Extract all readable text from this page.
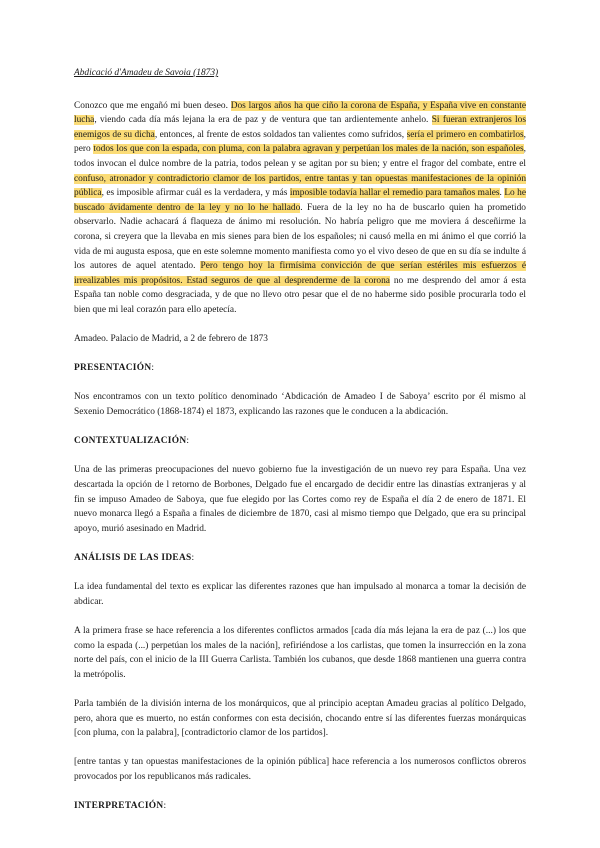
Abdicació d'Amadeu de Savoia (1873)

Conozco que me engañó mi buen deseo. Dos largos años ha que ciño la corona de España, y España vive en constante lucha, viendo cada día más lejana la era de paz y de ventura que tan ardientemente anhelo. Si fueran extranjeros los enemigos de su dicha, entonces, al frente de estos soldados tan valientes como sufridos, sería el primero en combatirlos, pero todos los que con la espada, con pluma, con la palabra agravan y perpetúan los males de la nación, son españoles, todos invocan el dulce nombre de la patria, todos pelean y se agitan por su bien; y entre el fragor del combate, entre el confuso, atronador y contradictorio clamor de los partidos, entre tantas y tan opuestas manifestaciones de la opinión pública, es imposible afirmar cuál es la verdadera, y más imposible todavía hallar el remedio para tamaños males. Lo he buscado ávidamente dentro de la ley y no lo he hallado. Fuera de la ley no ha de buscarlo quien ha prometido observarlo. Nadie achacará á flaqueza de ánimo mi resolución. No habría peligro que me moviera á desceñirme la corona, si creyera que la llevaba en mis sienes para bien de los españoles; ni causó mella en mi ánimo el que corrió la vida de mi augusta esposa, que en este solemne momento manifiesta como yo el vivo deseo de que en su día se indulte á los autores de aquel atentado. Pero tengo hoy la firmísima convicción de que serían estériles mis esfuerzos é irrealizables mis propósitos. Estad seguros de que al desprenderme de la corona no me desprendo del amor á esta España tan noble como desgraciada, y de que no llevo otro pesar que el de no haberme sido posible procurarla todo el bien que mi leal corazón para ello apetecía.

Amadeo. Palacio de Madrid, a 2 de febrero de 1873

PRESENTACIÓN:

Nos encontramos con un texto político denominado ‘Abdicación de Amadeo I de Saboya’ escrito por él mismo al Sexenio Democrático (1868-1874) el 1873, explicando las razones que le conducen a la abdicación.

CONTEXTUALIZACIÓN:

Una de las primeras preocupaciones del nuevo gobierno fue la investigación de un nuevo rey para España. Una vez descartada la opción de l retorno de Borbones, Delgado fue el encargado de decidir entre las dinastías extranjeras y al fin se impuso Amadeo de Saboya, que fue elegido por las Cortes como rey de España el día 2 de enero de 1871. El nuevo monarca llegó a España a finales de diciembre de 1870, casi al mismo tiempo que Delgado, que era su principal apoyo, murió asesinado en Madrid.

ANÁLISIS DE LAS IDEAS:

La idea fundamental del texto es explicar las diferentes razones que han impulsado al monarca a tomar la decisión de abdicar.

A la primera frase se hace referencia a los diferentes conflictos armados [cada día más lejana la era de paz (...) los que como la espada (...) perpetúan los males de la nación], refiriéndose a los carlistas, que tomen la insurrección en la zona norte del país, con el inicio de la III Guerra Carlista. También los cubanos, que desde 1868 mantienen una guerra contra la metrópolis.

Parla también de la división interna de los monárquicos, que al principio aceptan Amadeu gracias al político Delgado, pero, ahora que es muerto, no están conformes con esta decisión, chocando entre sí las diferentes fuerzas monárquicas [con pluma, con la palabra], [contradictorio clamor de los partidos].

[entre tantas y tan opuestas manifestaciones de la opinión pública] hace referencia a los numerosos conflictos obreros provocados por los republicanos más radicales.

INTERPRETACIÓN:
